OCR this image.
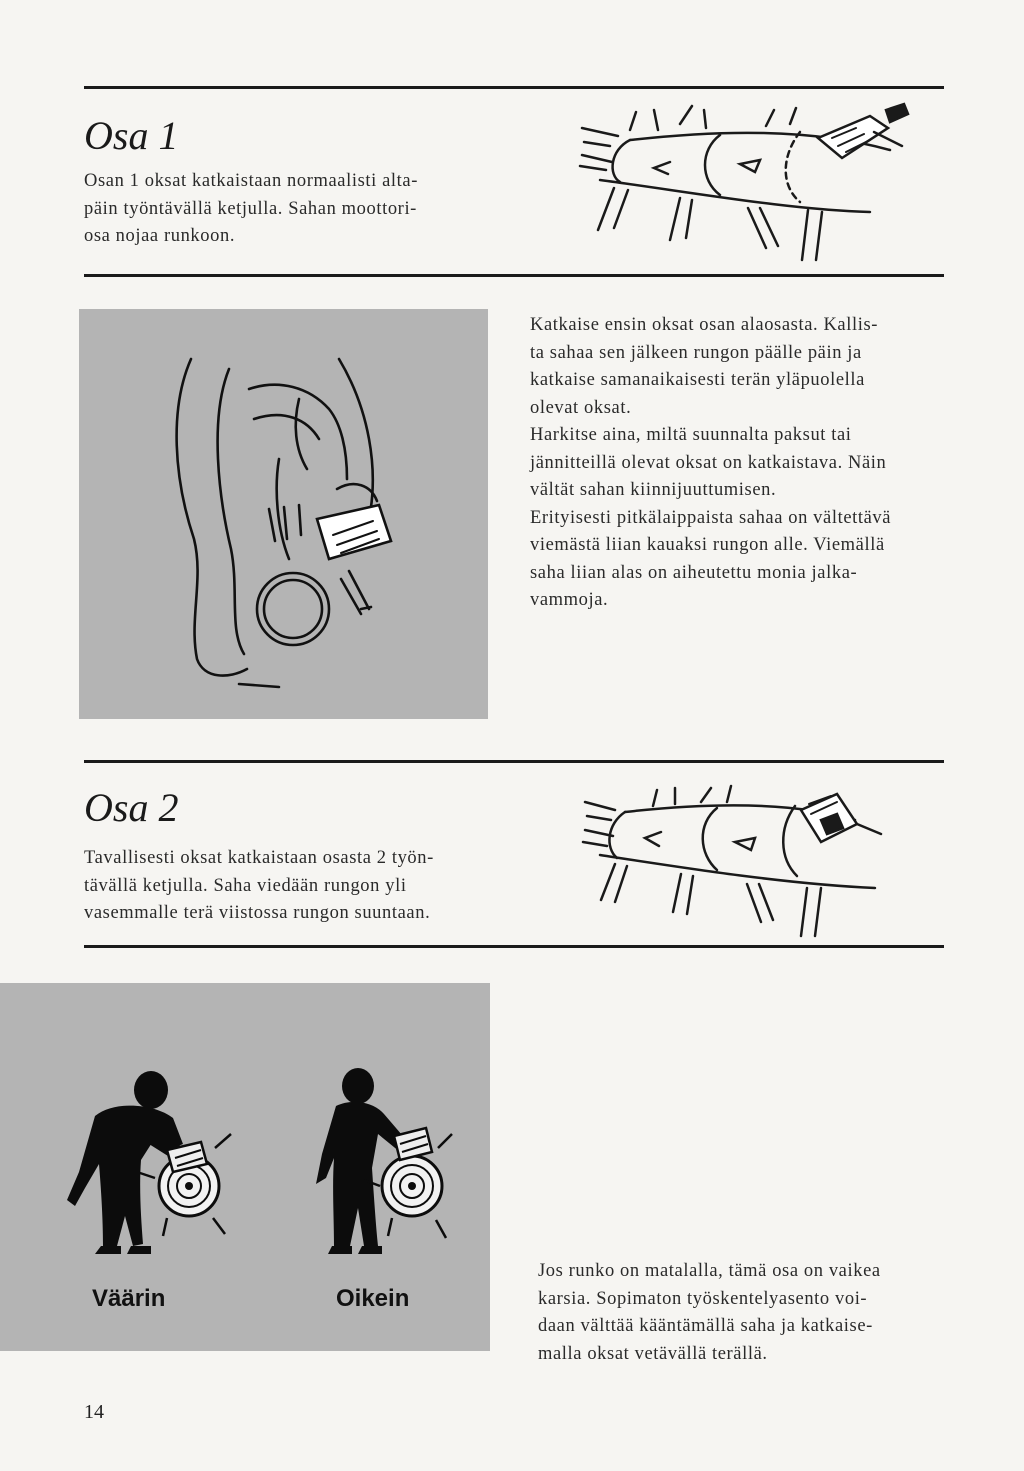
Osa 1

Osan 1 oksat katkaistaan normaalisti alta-
päin työntävällä ketjulla. Sahan moottori-
osa nojaa runkoon.

Katkaise ensin oksat osan alaosasta. Kallis-
ta sahaa sen jälkeen rungon päälle päin ja
katkaise samanaikaisesti terän yläpuolella
olevat oksat.
Harkitse aina, miltä suunnalta paksut tai
jännitteillä olevat oksat on katkaistava. Näin
vältät sahan kiinnijuuttumisen.
Erityisesti pitkälaippaista sahaa on vältettävä
viemästä liian kauaksi rungon alle. Viemällä
saha liian alas on aiheutettu monia jalka-
vammoja.

Osa 2

Tavallisesti oksat katkaistaan osasta 2 työn-
tävällä ketjulla. Saha viedään rungon yli
vasemmalle terä viistossa rungon suuntaan.

Väärin	Oikein

Jos runko on matalalla, tämä osa on vaikea
karsia. Sopimaton työskentelyasento voi-
daan välttää kääntämällä saha ja katkaise-
malla oksat vetävällä terällä.

14
